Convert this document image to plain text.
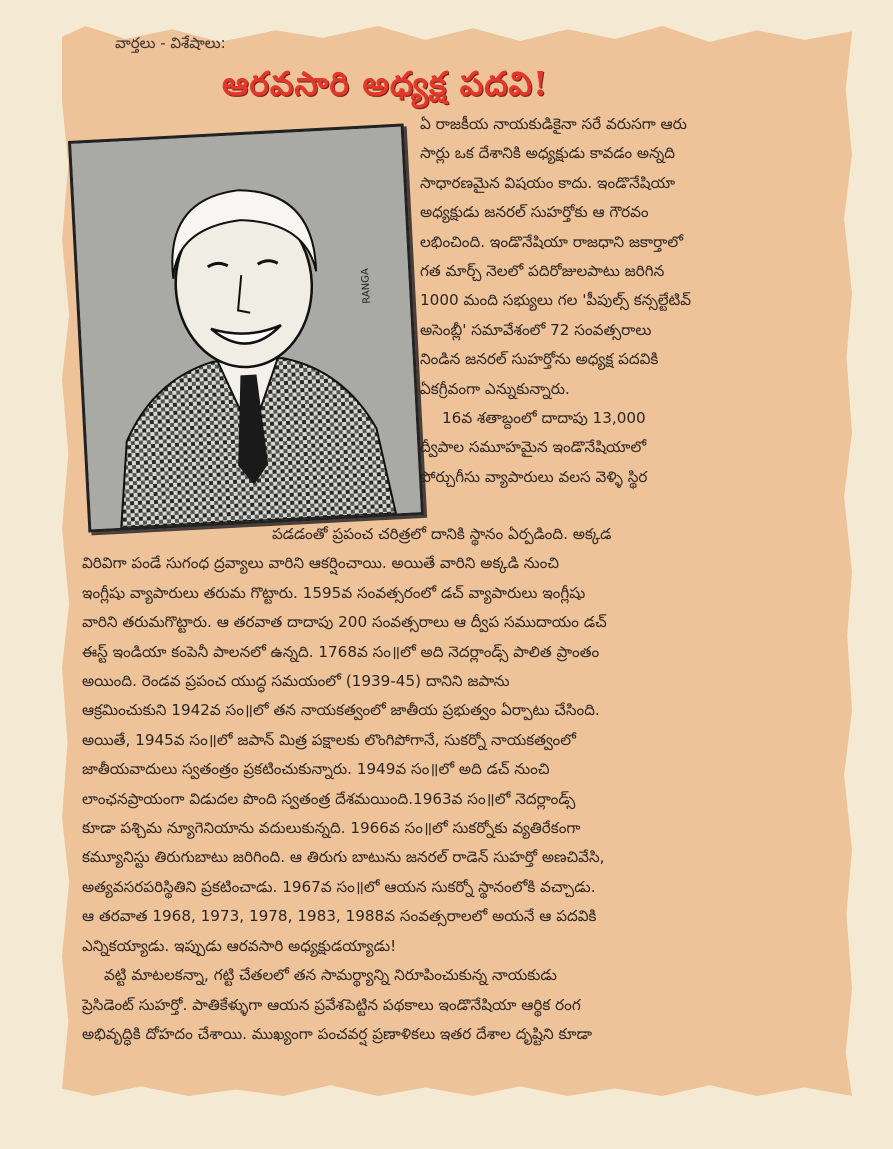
వార్తలు - విశేషాలు:
ఆరవసారి అధ్యక్ష పదవి!
RANGA
ఏ రాజకీయ నాయకుడికైనా సరే వరుసగా ఆరు
సార్లు ఒక దేశానికి అధ్యక్షుడు కావడం అన్నది
సాధారణమైన విషయం కాదు. ఇండొనేషియా
అధ్యక్షుడు జనరల్ సుహర్తోకు ఆ గౌరవం
లభించింది. ఇండొనేషియా రాజధాని జకార్తాలో
గత మార్చ్ నెలలో పదిరోజులపాటు జరిగిన
1000 మంది సభ్యులు గల 'పీపుల్స్ కన్సల్టేటివ్
అసెంబ్లీ' సమావేశంలో 72 సంవత్సరాలు
నిండిన జనరల్ సుహర్తోను అధ్యక్ష పదవికి
ఏకగ్రీవంగా ఎన్నుకున్నారు.
16వ శతాబ్దంలో దాదాపు 13,000
ద్వీపాల సమూహమైన ఇండొనేషియాలో
పోర్చుగీసు వ్యాపారులు వలస వెళ్ళి స్థిర
పడడంతో ప్రపంచ చరిత్రలో దానికి స్థానం ఏర్పడింది. అక్కడ
విరివిగా పండే సుగంధ ద్రవ్యాలు వారిని ఆకర్షించాయి. అయితే వారిని అక్కడి నుంచి
ఇంగ్లీషు వ్యాపారులు తరుమ గొట్టారు. 1595వ సంవత్సరంలో డచ్ వ్యాపారులు ఇంగ్లీషు
వారిని తరుమగొట్టారు. ఆ తరవాత దాదాపు 200 సంవత్సరాలు ఆ ద్వీప సముదాయం డచ్
ఈస్ట్ ఇండియా కంపెనీ పాలనలో ఉన్నది. 1768వ సం॥లో అది నెదర్లాండ్స్ పాలిత ప్రాంతం
అయింది. రెండవ ప్రపంచ యుద్ధ సమయంలో (1939-45) దానిని జపాను
ఆక్రమించుకుని 1942వ సం॥లో తన నాయకత్వంలో జాతీయ ప్రభుత్వం ఏర్పాటు చేసింది.
అయితే, 1945వ సం॥లో జపాన్ మిత్ర పక్షాలకు లొంగిపోగానే, సుకర్నో నాయకత్వంలో
జాతీయవాదులు స్వతంత్రం ప్రకటించుకున్నారు. 1949వ సం॥లో అది డచ్ నుంచి
లాంఛనప్రాయంగా విడుదల పొంది స్వతంత్ర దేశమయింది.1963వ సం॥లో నెదర్లాండ్స్
కూడా పశ్చిమ న్యూగెనియాను వదులుకున్నది. 1966వ సం॥లో సుకర్నోకు వ్యతిరేకంగా
కమ్యూనిస్టు తిరుగుబాటు జరిగింది. ఆ తిరుగు బాటును జనరల్ రాడెన్ సుహర్తో అణచివేసి,
అత్యవసరపరిస్థితిని ప్రకటించాడు. 1967వ సం॥లో ఆయన సుకర్నో స్థానంలోకి వచ్చాడు.
ఆ తరవాత 1968, 1973, 1978, 1983, 1988వ సంవత్సరాలలో అయనే ఆ పదవికి
ఎన్నికయ్యాడు. ఇప్పుడు ఆరవసారి అధ్యక్షుడయ్యాడు!
వట్టి మాటలకన్నా, గట్టి చేతలలో తన సామర్థ్యాన్ని నిరూపించుకున్న నాయకుడు
ప్రెసిడెంట్ సుహర్తో. పాతికేళ్ళుగా ఆయన ప్రవేశపెట్టిన పథకాలు ఇండొనేషియా ఆర్థిక రంగ
అభివృద్ధికి దోహదం చేశాయి. ముఖ్యంగా పంచవర్ష ప్రణాళికలు ఇతర దేశాల దృష్టిని కూడా
